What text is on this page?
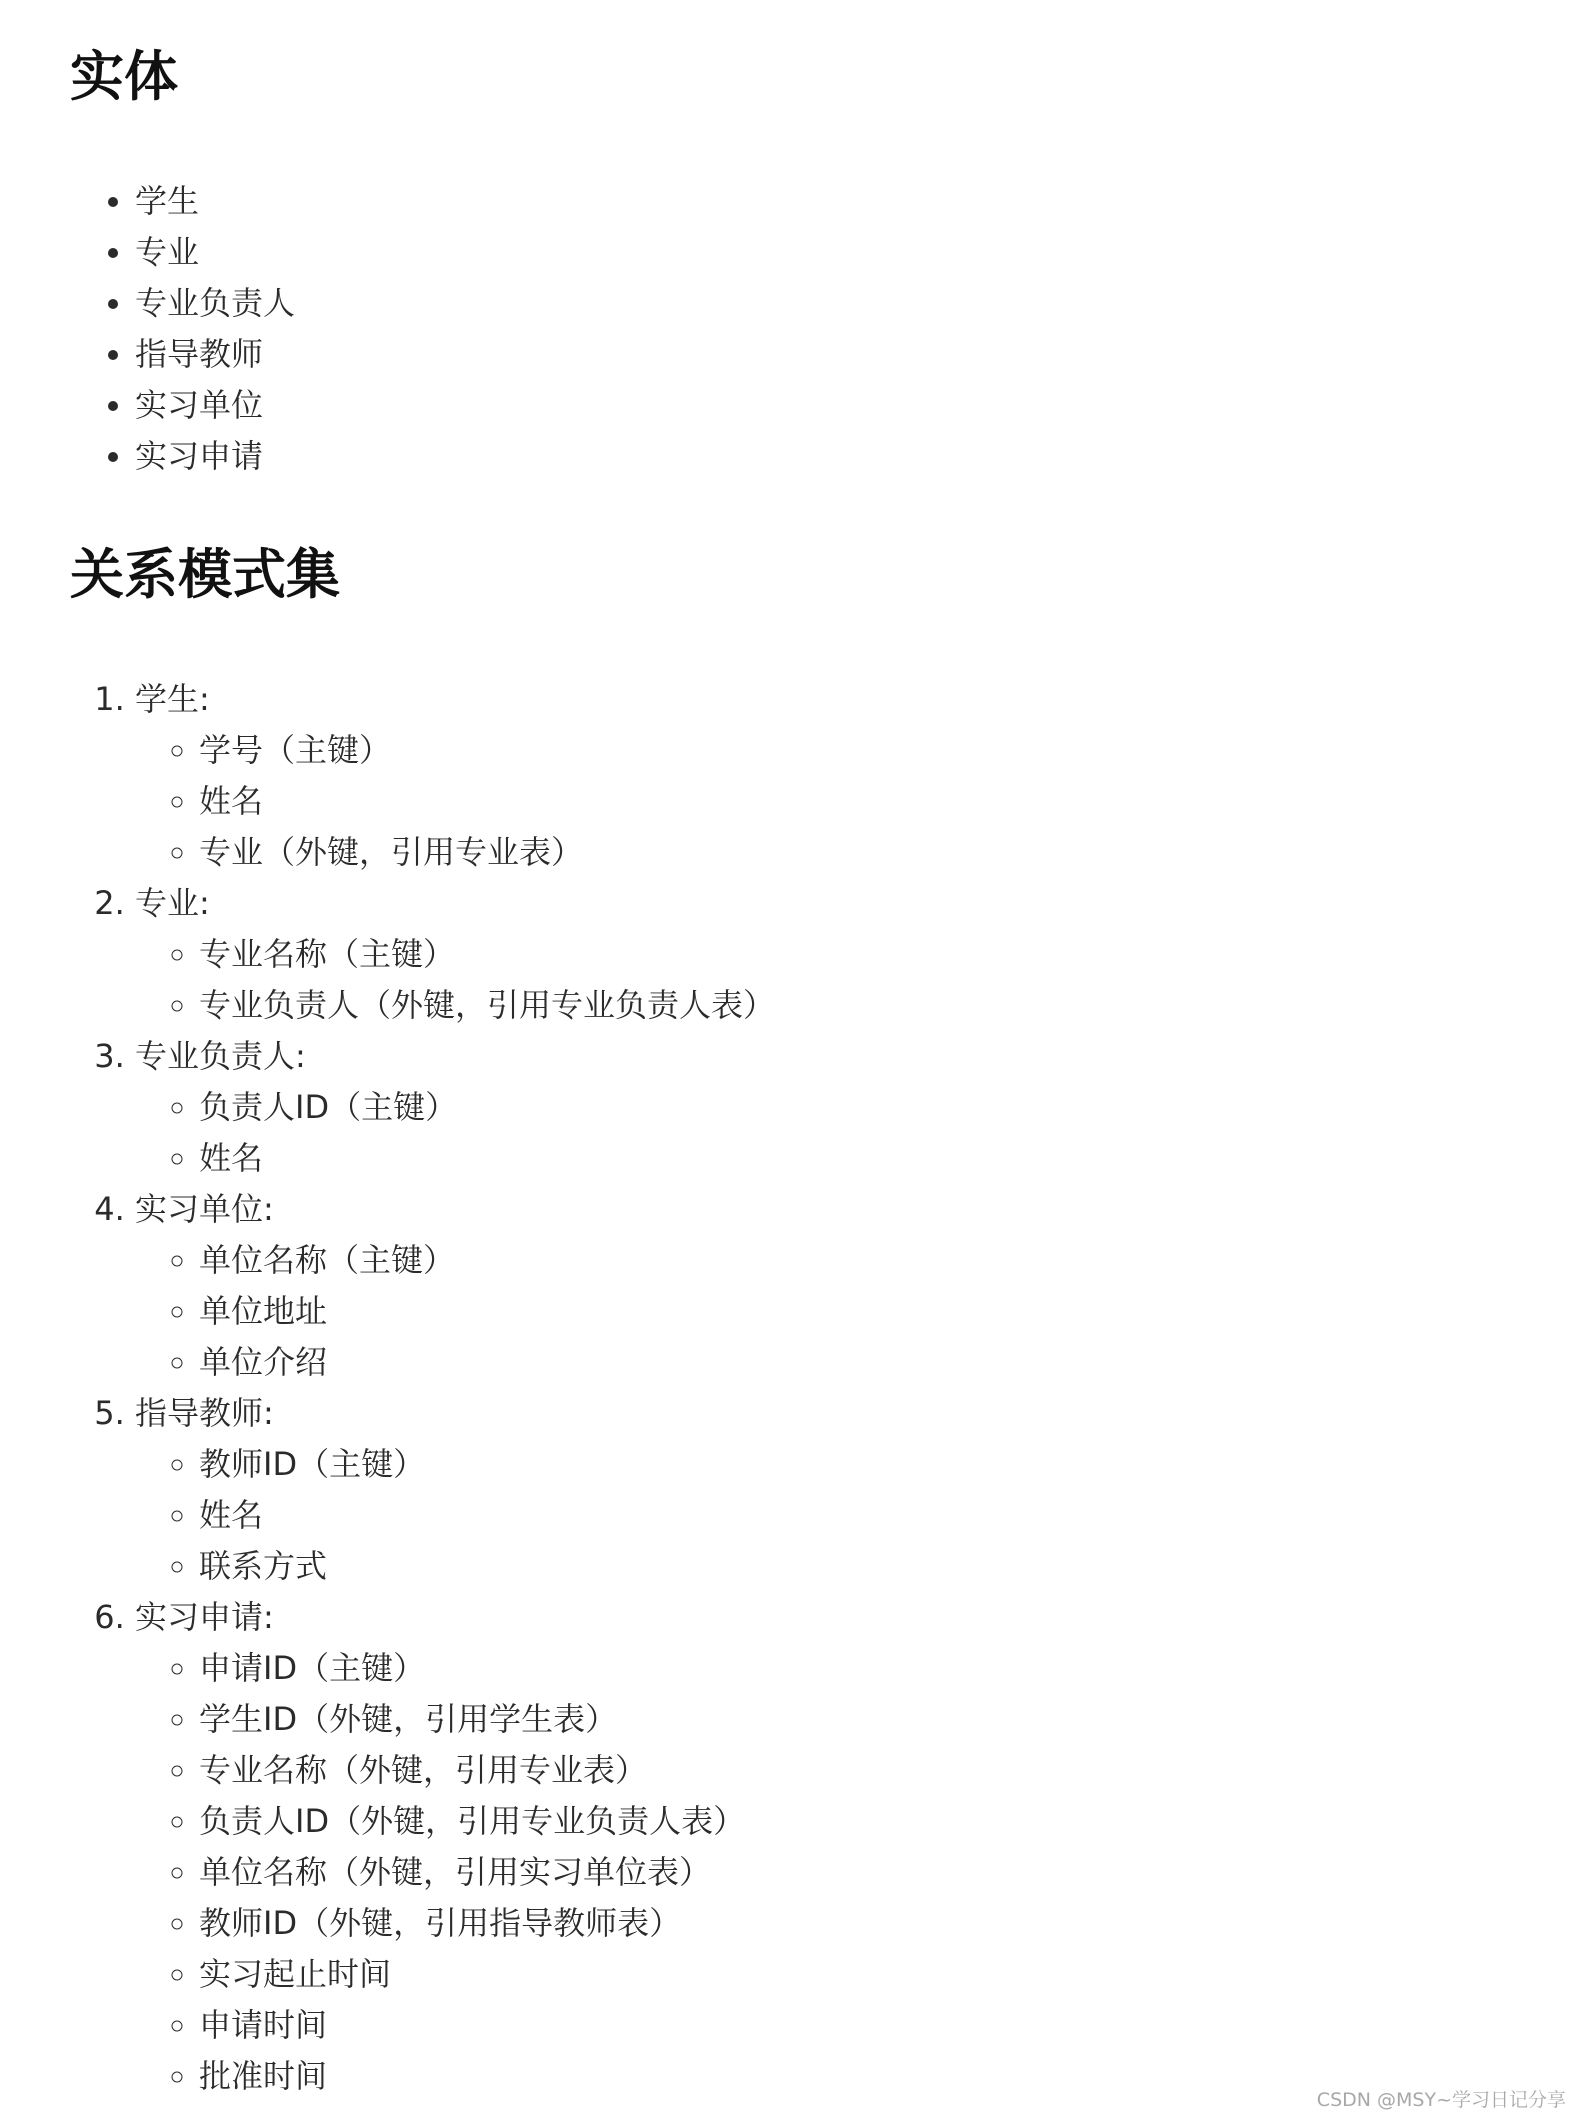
实体
• 学生
• 专业
• 专业负责人
• 指导教师
• 实习单位
• 实习申请
关系模式集
1. 学生:
◦ 学号（主键）
◦ 姓名
◦ 专业（外键，引用专业表）
2. 专业:
◦ 专业名称（主键）
◦ 专业负责人（外键，引用专业负责人表）
3. 专业负责人:
◦ 负责人ID（主键）
◦ 姓名
4. 实习单位:
◦ 单位名称（主键）
◦ 单位地址
◦ 单位介绍
5. 指导教师:
◦ 教师ID（主键）
◦ 姓名
◦ 联系方式
6. 实习申请:
◦ 申请ID（主键）
◦ 学生ID（外键，引用学生表）
◦ 专业名称（外键，引用专业表）
◦ 负责人ID（外键，引用专业负责人表）
◦ 单位名称（外键，引用实习单位表）
◦ 教师ID（外键，引用指导教师表）
◦ 实习起止时间
◦ 申请时间
◦ 批准时间
CSDN @MSY~学习日记分享
